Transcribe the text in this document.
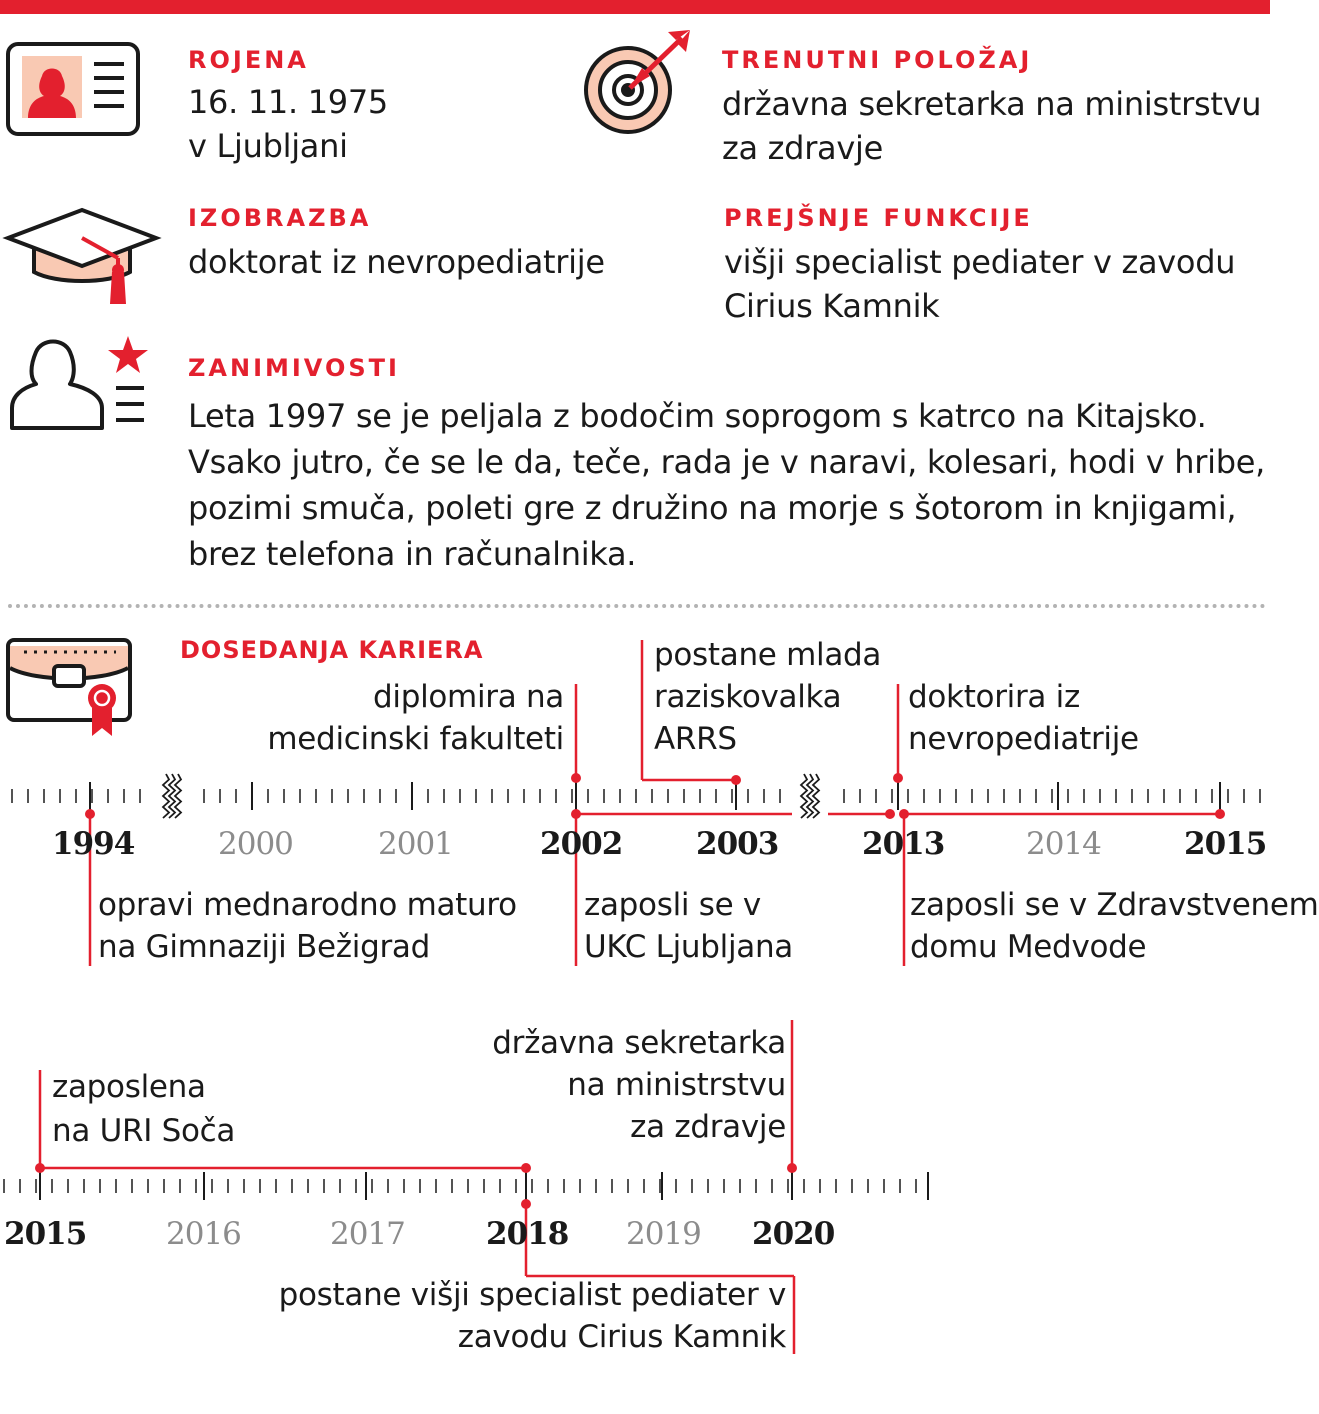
ROJENA
16. 11. 1975
v Ljubljani
TRENUTNI POLOŽAJ
državna sekretarka na ministrstvu
za zdravje
IZOBRAZBA
doktorat iz nevropediatrije
PREJŠNJE FUNKCIJE
višji specialist pediater v zavodu
Cirius Kamnik
ZANIMIVOSTI
Leta 1997 se je peljala z bodočim soprogom s katrco na Kitajsko.
Vsako jutro, če se le da, teče, rada je v naravi, kolesari, hodi v hribe,
pozimi smuča, poleti gre z družino na morje s šotorom in knjigami,
brez telefona in računalnika.
DOSEDANJA KARIERA
1994	2000	2001	2002 2003	2013	2014	2015
opravi mednarodno maturo
na Gimnaziji Bežigrad
diplomira na
medicinski fakulteti
zaposli se v
UKC Ljubljana
postane mlada
raziskovalka
ARRS
doktorira iz
nevropediatrije
zaposli se v Zdravstvenem
domu Medvode
2015	2016	2017	2018 2019 2020
zaposlena
na URI Soča
državna sekretarka
na ministrstvu
za zdravje
postane višji specialist pediater v
zavodu Cirius Kamnik
